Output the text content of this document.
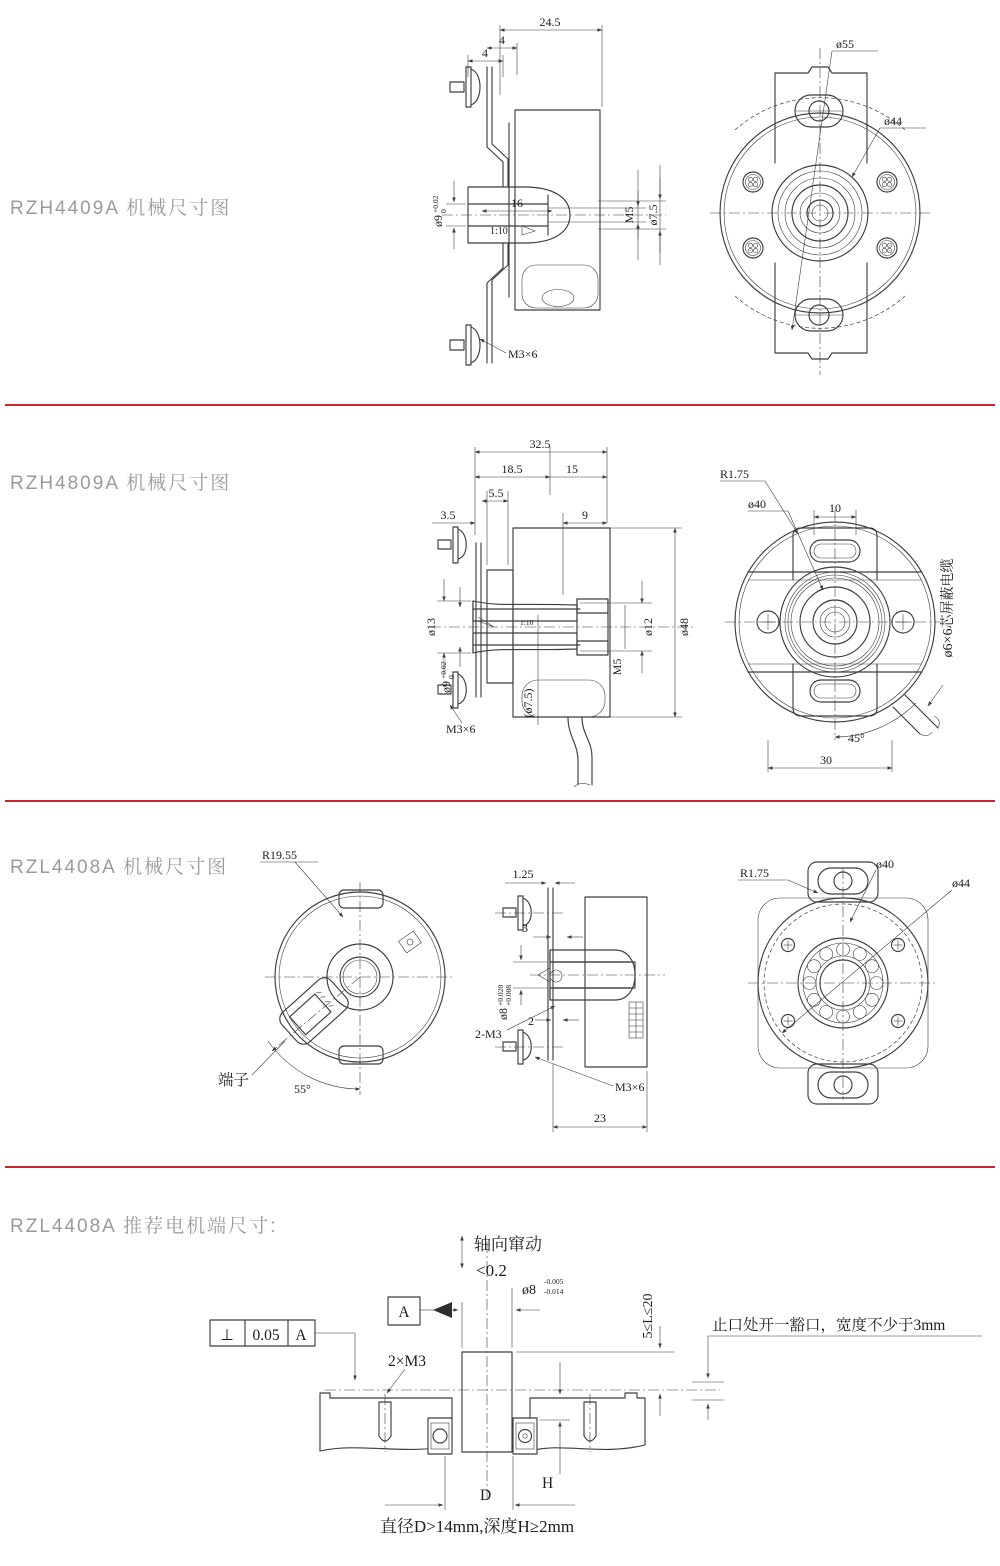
RZH4409A 机械尺寸图
24.5
4
4
16
1:10
M5 ø7.5
ø9
+0.02 0
M3×6
ø55
ø44
RZH4809A 机械尺寸图
32.5
18.5	15
5.5
3.5	9
1:10
ø13
ø9
+0.02 0
M3×6
ø12 ø48
M5
(ø7.5)
R1.75
ø40	10
ø6×6芯屏蔽电缆
45°
30
RZL4408A 机械尺寸图
R19.55
端子	55°
1.25
3
ø8
+0.020 +0.008
2-M3
2
M3×6
23
R1.75
ø40
ø44
RZL4408A 推荐电机端尺寸:
轴向窜动
<0.2
ø8
-0.005
-0.014
A
⊥ 0.05 A
2×M3
5≤L≤20	止口处开一豁口，宽度不少于3mm
H
D
直径D>14mm,深度H≥2mm
